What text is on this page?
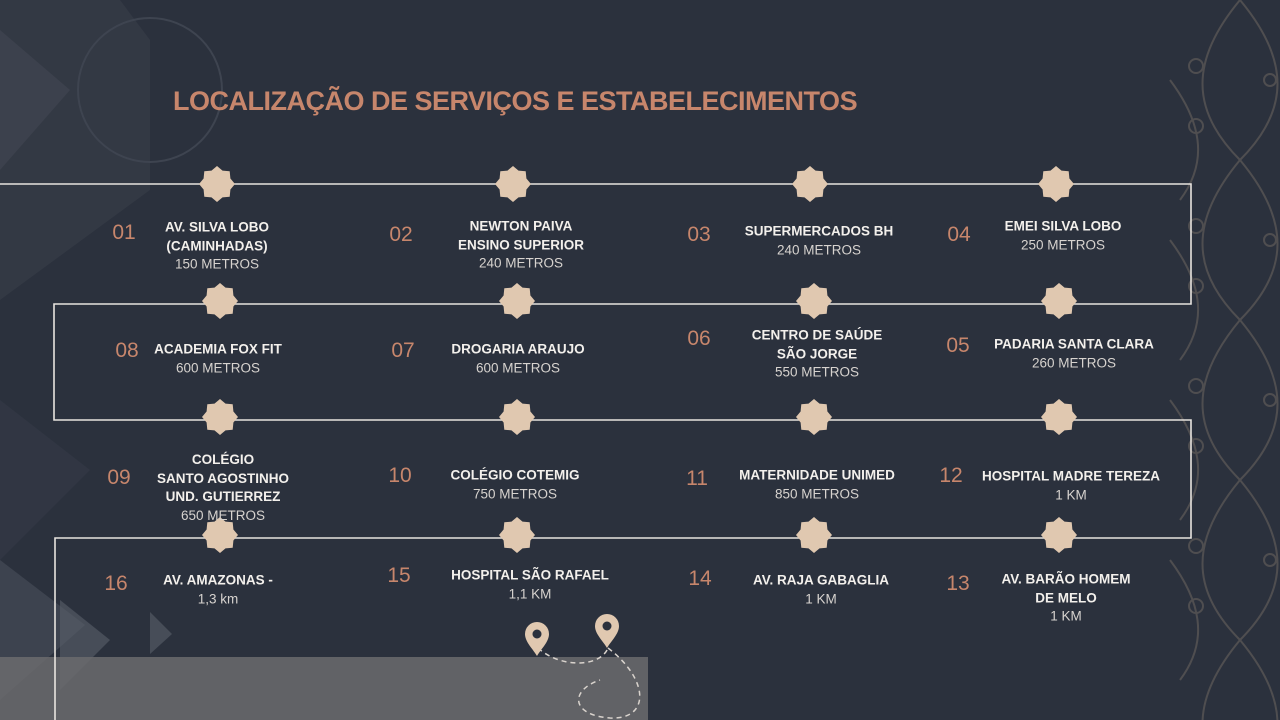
LOCALIZAÇÃO DE SERVIÇOS E ESTABELECIMENTOS
01 AV. SILVA LOBO
(CAMINHADAS)
150 METROS
02	NEWTON PAIVA
ENSINO SUPERIOR
240 METROS
03	SUPERMERCADOS BH
240 METROS
04	EMEI SILVA LOBO
250 METROS
05 PADARIA SANTA CLARA
260 METROS
06	CENTRO DE SAÚDE
SÃO JORGE
550 METROS
07	DROGARIA ARAUJO
600 METROS
08 ACADEMIA FOX FIT
600 METROS
09
COLÉGIO
SANTO AGOSTINHO
UND. GUTIERREZ
650 METROS
10	COLÉGIO COTEMIG
750 METROS
11 MATERNIDADE UNIMED
850 METROS
12 HOSPITAL MADRE TEREZA
1 KM
13 AV. BARÃO HOMEM
DE MELO
1 KM
14	AV. RAJA GABAGLIA
1 KM
15	HOSPITAL SÃO RAFAEL
1,1 KM
16	AV. AMAZONAS -
1,3 km
